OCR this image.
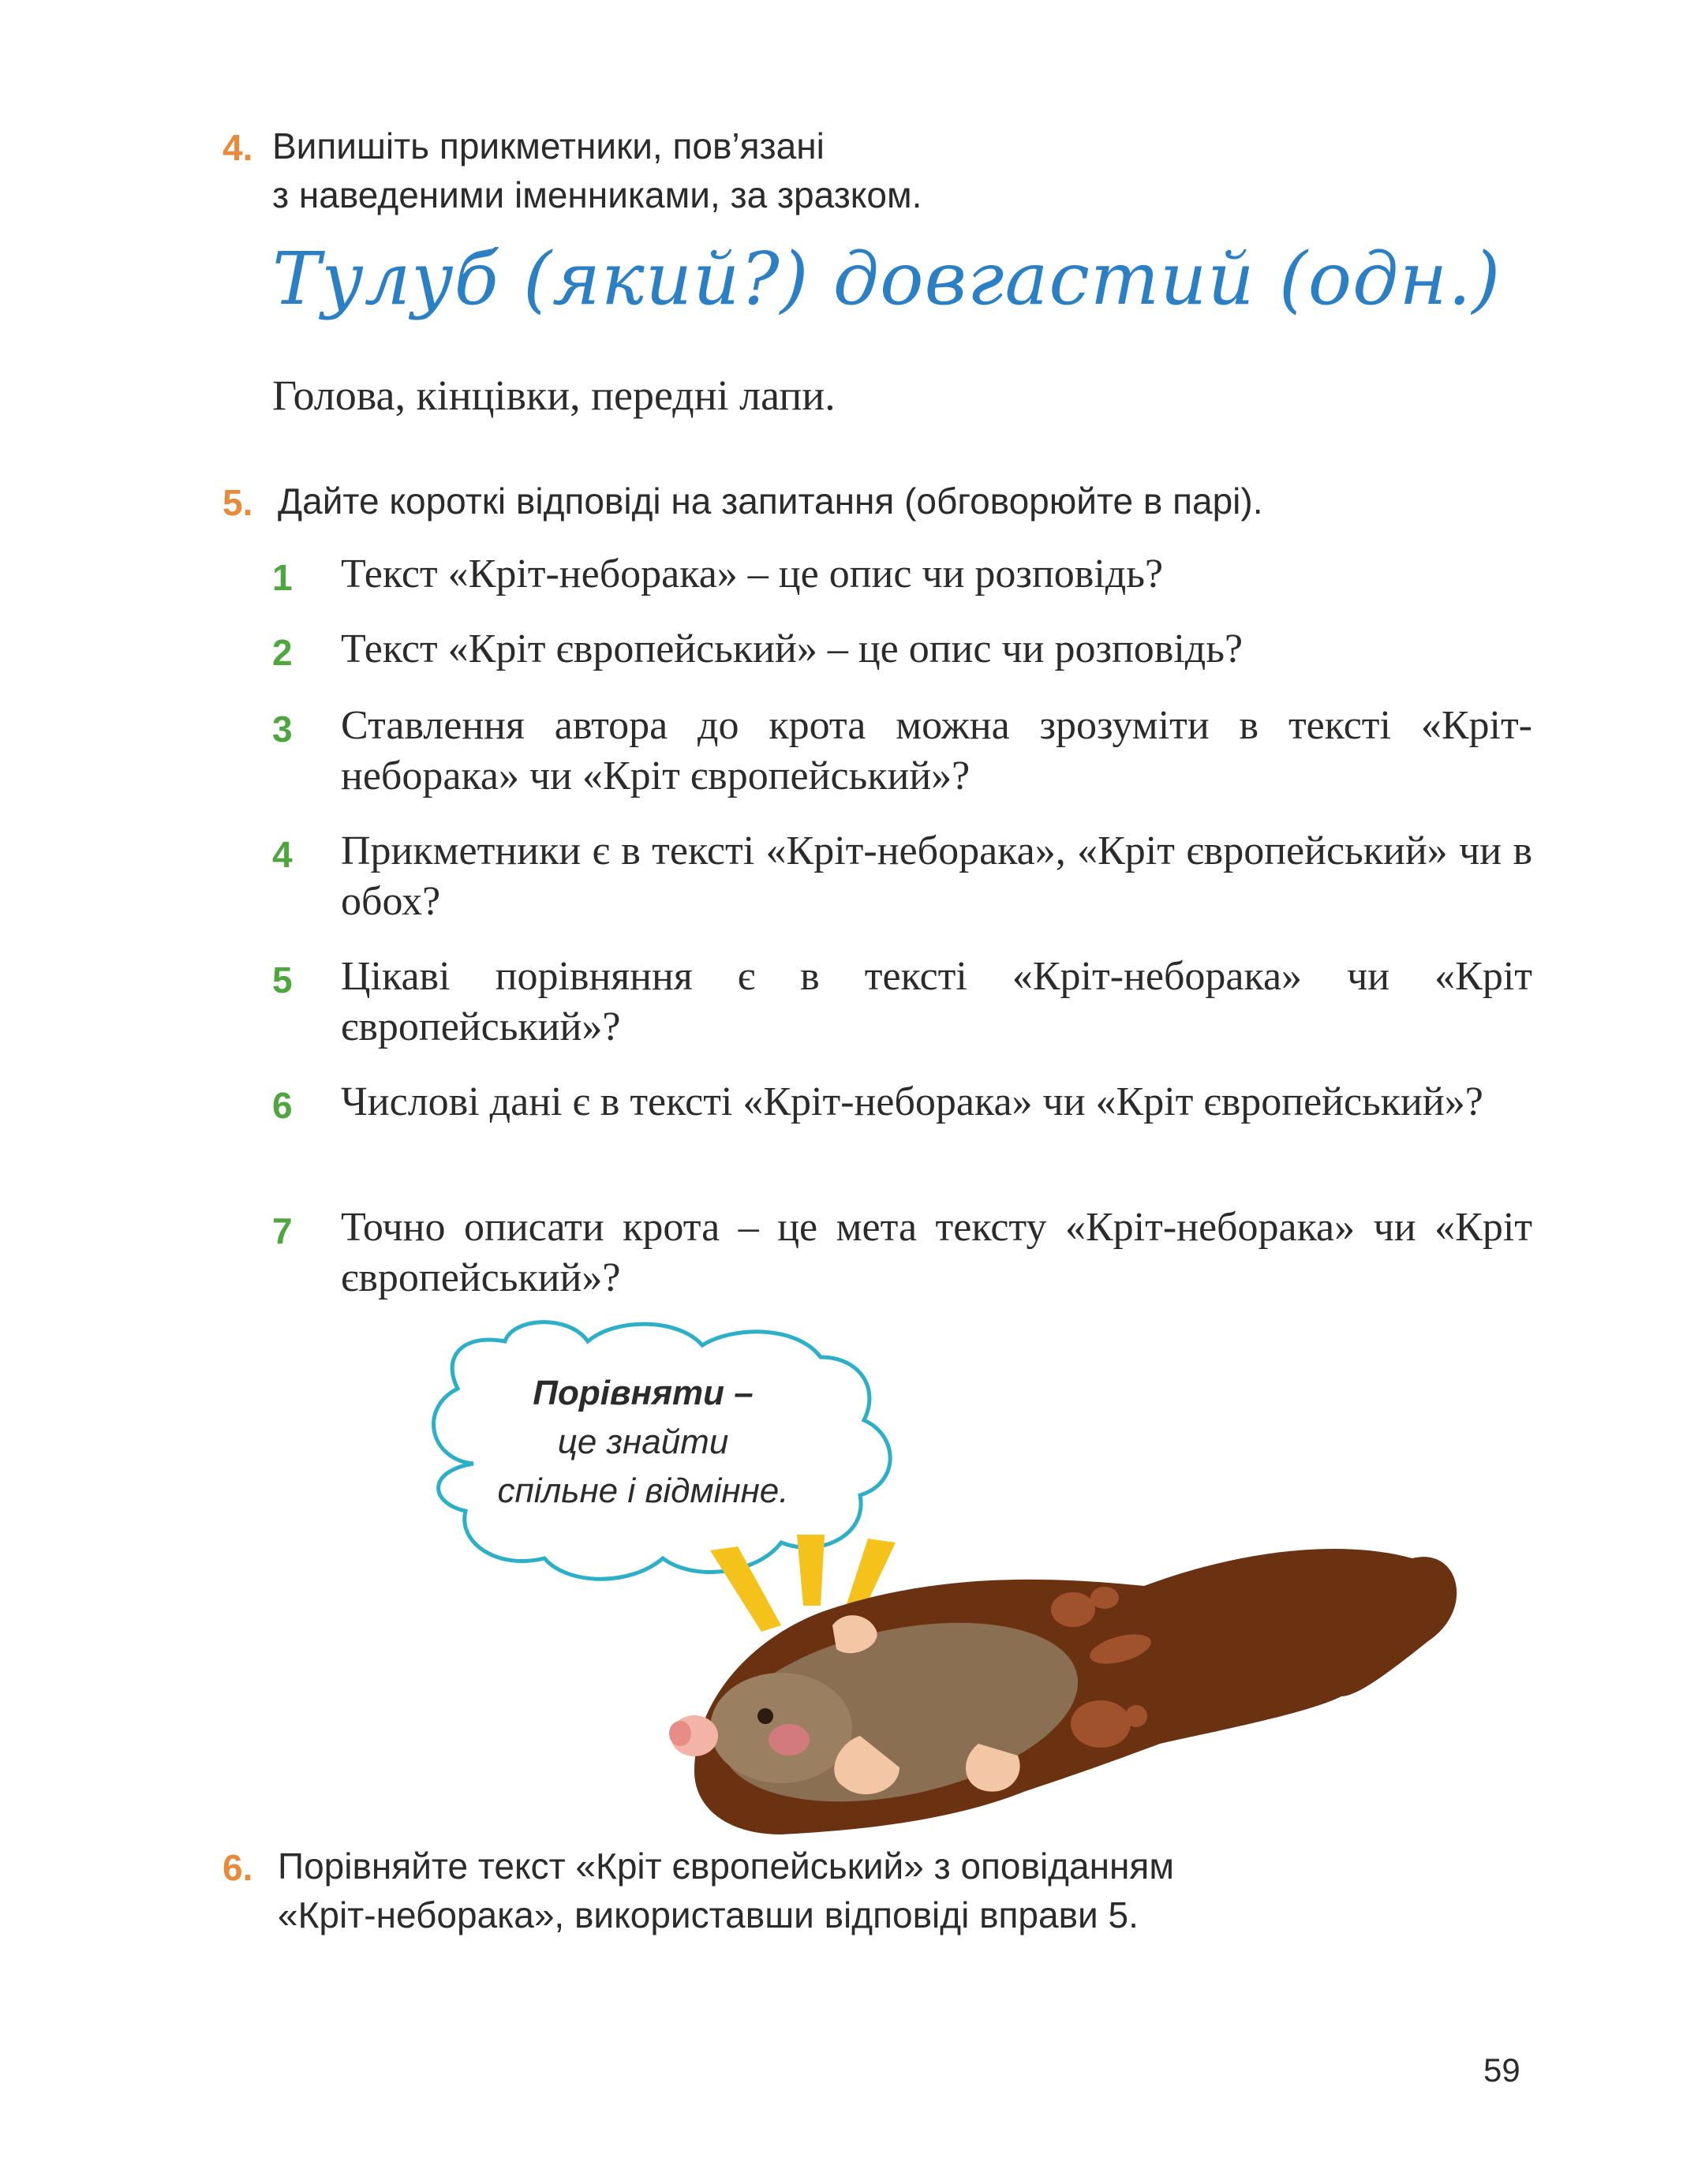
4. Випишіть прикметники, пов’язані
з наведеними іменниками, за зразком.
Тулуб (який?) довгастий (одн.)
Голова, кінцівки, передні лапи.
5. Дайте короткі відповіді на запитання (обговорюйте в парі).
1 Текст «Кріт-неборака» – це опис чи розповідь?
2 Текст «Кріт європейський» – це опис чи розповідь?
3 Ставлення автора до крота можна зрозуміти в тексті «Кріт-неборака» чи «Кріт європейський»?
4 Прикметники є в тексті «Кріт-неборака», «Кріт європейський» чи в обох?
5 Цікаві порівняння є в тексті «Кріт-неборака» чи «Кріт європейський»?
6 Числові дані є в тексті «Кріт-неборака» чи «Кріт європейський»?
7 Точно описати крота – це мета тексту «Кріт-неборака» чи «Кріт європейський»?
Порівняти –
це знайти
спільне і відмінне.
6. Порівняйте текст «Кріт європейський» з оповіданням
«Кріт-неборака», використавши відповіді вправи 5.
59
